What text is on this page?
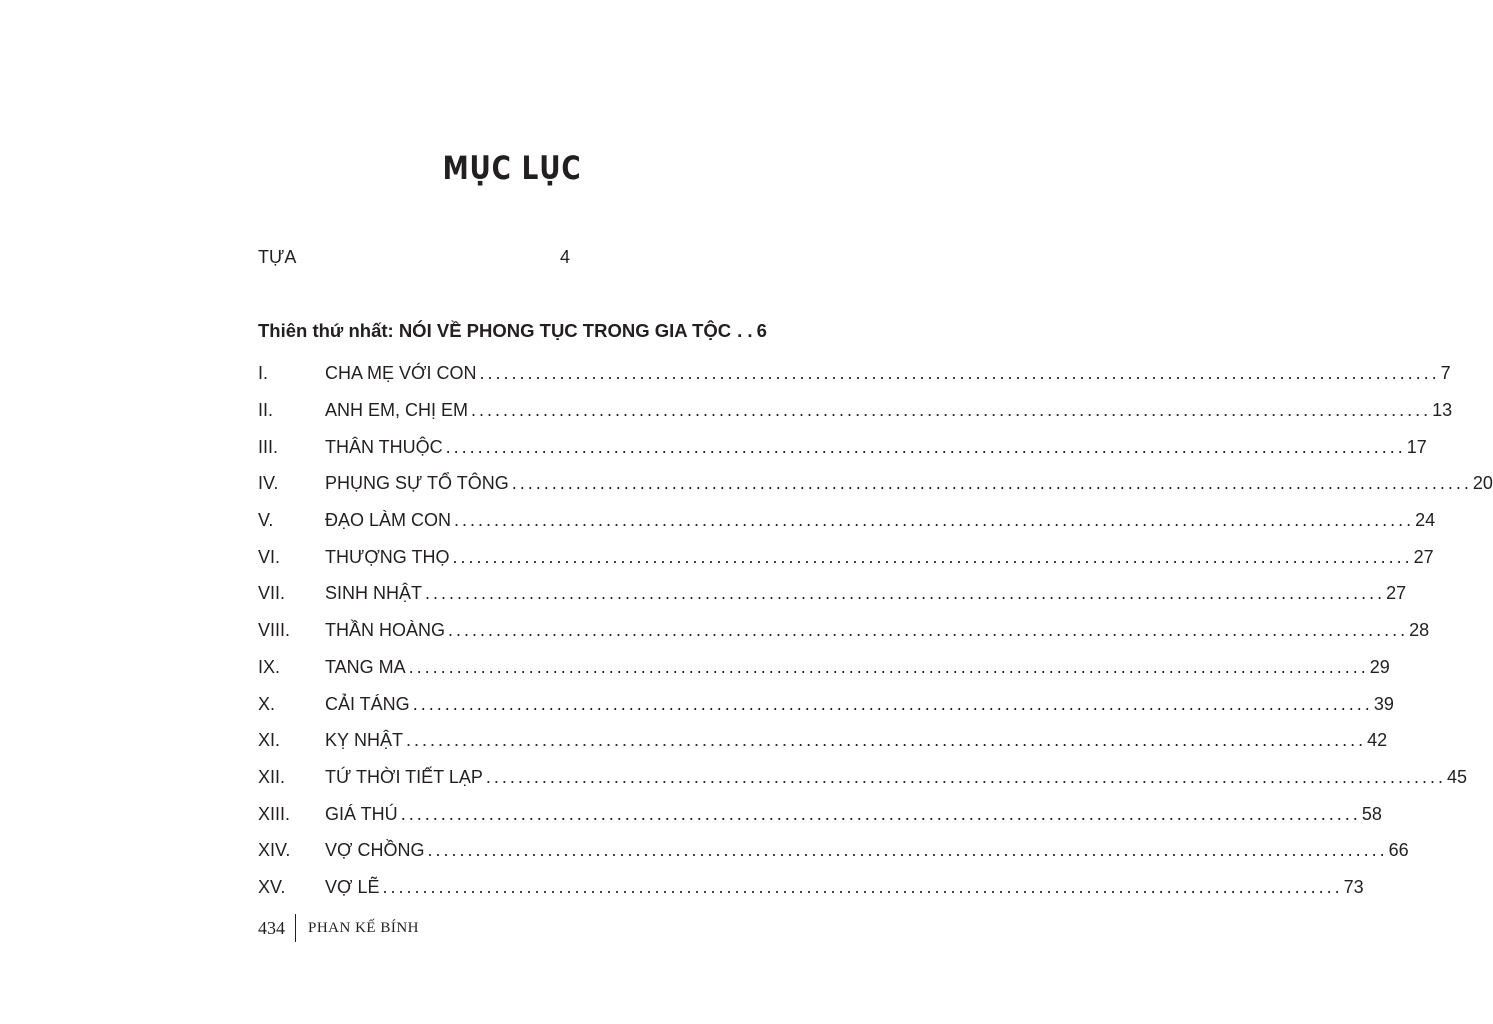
MỤC LỤC
TỰA	4
Thiên thứ nhất: NÓI VỀ PHONG TỤC TRONG GIA TỘC . . 6
I.	CHA MẸ VỚI CON ........................................................................................................................ 7
II.	ANH EM, CHỊ EM ........................................................................................................................ 13
III.	THÂN THUỘC ........................................................................................................................ 17
IV.	PHỤNG SỰ TỔ TÔNG ........................................................................................................................ 20
V.	ĐẠO LÀM CON ........................................................................................................................ 24
VI.	THƯỢNG THỌ ........................................................................................................................ 27
VII.	SINH NHẬT ........................................................................................................................ 27
VIII.	THẦN HOÀNG ........................................................................................................................ 28
IX.	TANG MA ........................................................................................................................ 29
X.	CẢI TÁNG ........................................................................................................................ 39
XI.	KỴ NHẬT ........................................................................................................................ 42
XII.	TỨ THỜI TIẾT LẠP ........................................................................................................................ 45
XIII.	GIÁ THÚ ........................................................................................................................ 58
XIV.	VỢ CHỒNG ........................................................................................................................ 66
XV.	VỢ LẼ ........................................................................................................................ 73
434 PHAN KẾ BÍNH
